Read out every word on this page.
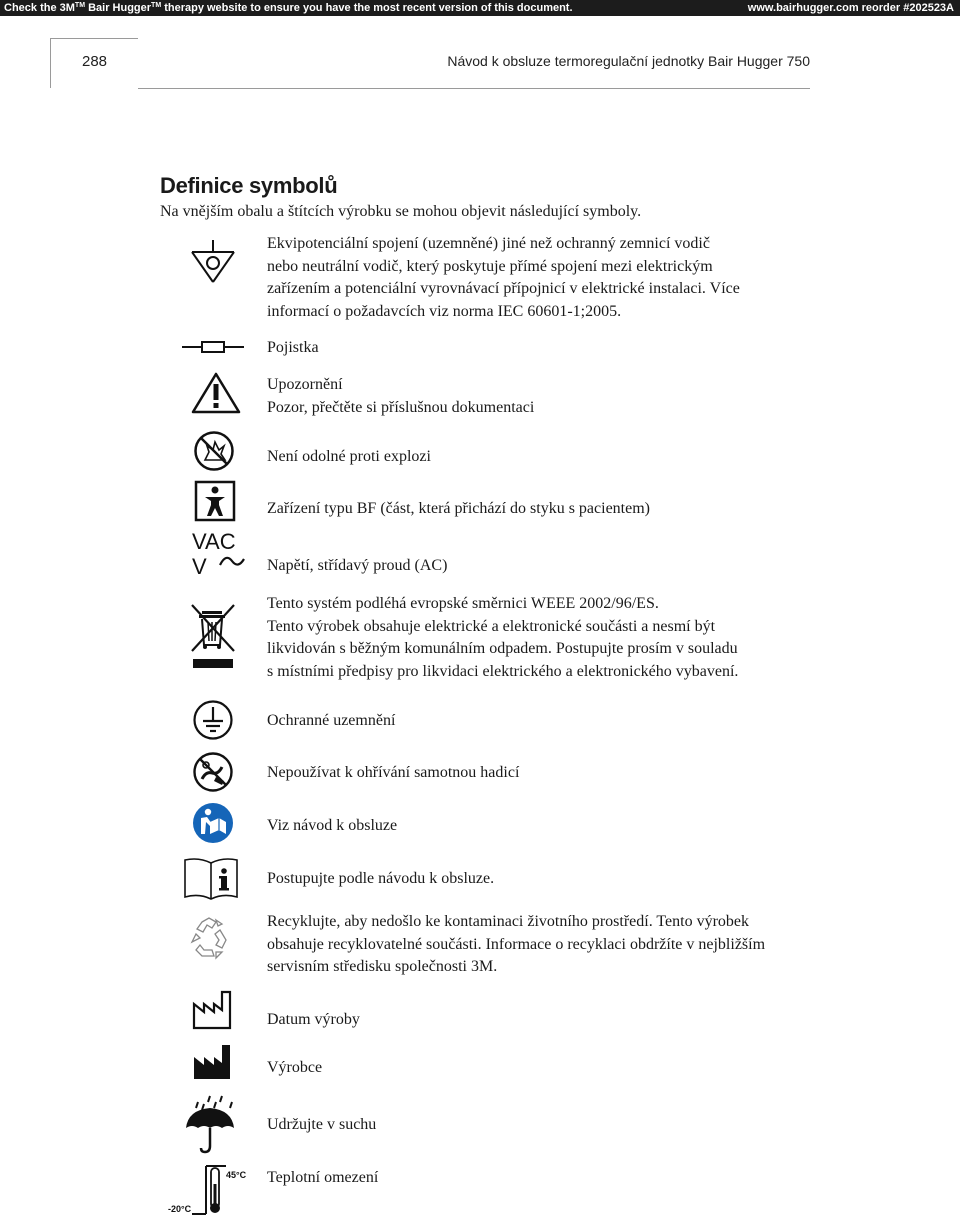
Check the 3M™ Bair Hugger™ therapy website to ensure you have the most recent version of this document.	www.bairhugger.com reorder #202523A
288	Návod k obsluze termoregulační jednotky Bair Hugger 750
Definice symbolů
Na vnějším obalu a štítcích výrobku se mohou objevit následující symboly.
Ekvipotenciální spojení (uzemněné) jiné než ochranný zemnicí vodič
nebo neutrální vodič, který poskytuje přímé spojení mezi elektrickým
zařízením a potenciální vyrovnávací přípojnicí v elektrické instalaci. Více
informací o požadavcích viz norma IEC 60601-1;2005.
Pojistka
Upozornění
Pozor, přečtěte si příslušnou dokumentaci
Není odolné proti explozi
Zařízení typu BF (část, která přichází do styku s pacientem)
Napětí, střídavý proud (AC)
Tento systém podléhá evropské směrnici WEEE 2002/96/ES.
Tento výrobek obsahuje elektrické a elektronické součásti a nesmí být
likvidován s běžným komunálním odpadem. Postupujte prosím v souladu
s místními předpisy pro likvidaci elektrického a elektronického vybavení.
Ochranné uzemnění
Nepoužívat k ohřívání samotnou hadicí
Viz návod k obsluze
Postupujte podle návodu k obsluze.
Recyklujte, aby nedošlo ke kontaminaci životního prostředí. Tento výrobek
obsahuje recyklovatelné součásti. Informace o recyklaci obdržíte v nejbližším
servisním středisku společnosti 3M.
Datum výroby
Výrobce
Udržujte v suchu
Teplotní omezení
VAC
V
45°C
-20°C
